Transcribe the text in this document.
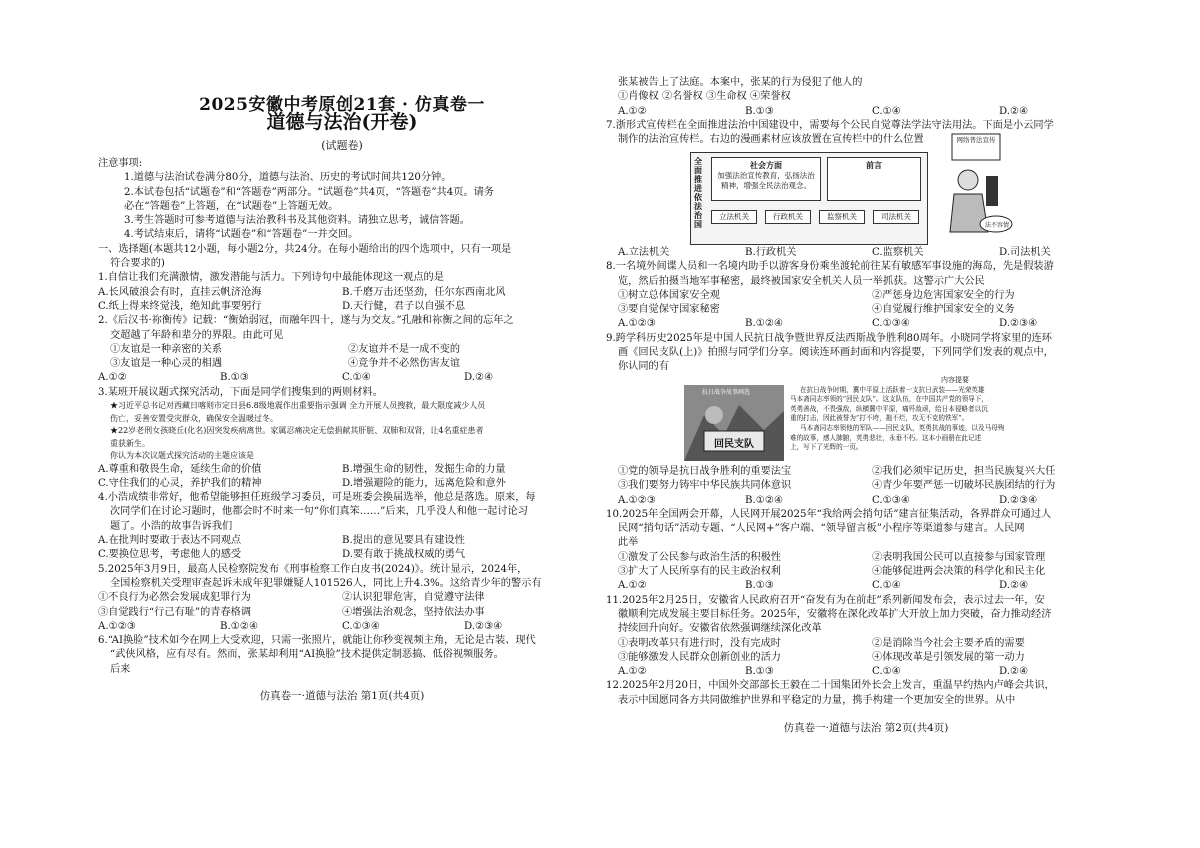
2025安徽中考原创21套 · 仿真卷一
道德与法治(开卷)
(试题卷)

注意事项:

1.道德与法治试卷满分80分，道德与法治、历史的考试时间共120分钟。

2.本试卷包括“试题卷”和“答题卷”两部分。“试题卷”共4页，“答题卷”共4页。请务

必在“答题卷”上答题，在“试题卷”上答题无效。

3.考生答题时可参考道德与法治教科书及其他资料。请独立思考，诚信答题。

4.考试结束后，请将“试题卷”和“答题卷”一并交回。

一、选择题(本题共12小题，每小题2分，共24分。在每小题给出的四个选项中，只有一项是

符合要求的)

1.自信让我们充满激情，激发潜能与活力。下列诗句中最能体现这一观点的是

A.长风破浪会有时，直挂云帆济沧海	B.千磨万击还坚劲，任尔东西南北风
C.纸上得来终觉浅，绝知此事要躬行	D.天行健，君子以自强不息

2.《后汉书·祢衡传》记载：“衡始弱冠，而融年四十，遂与为交友。”孔融和祢衡之间的忘年之

交超越了年龄和辈分的界限。由此可见

①友谊是一种亲密的关系	②友谊并不是一成不变的
③友谊是一种心灵的相遇	④竞争并不必然伤害友谊
A.①②	B.①③	C.①④	D.②④

3.某班开展议题式探究活动，下面是同学们搜集到的两则材料。

★习近平总书记对西藏日喀则市定日县6.8级地震作出重要指示强调 全力开展人员搜救，最大限度减少人员

伤亡，妥善安置受灾群众，确保安全温暖过冬。

★22岁老刑女孩晓丘(化名)因突发疾病离世。家属忍痛决定无偿捐献其肝脏、双肺和双肾，让4名重症患者

重获新生。

你认为本次议题式探究活动的主题应该是

A.尊重和敬畏生命，延续生命的价值	B.增强生命的韧性，发掘生命的力量
C.守住我们的心灵，养护我们的精神	D.增强避险的能力，远离危险和意外

4.小浩成绩非常好，他希望能够担任班级学习委员，可是班委会换届选举，他总是落选。原来，每

次同学们在讨论习题时，他都会时不时来一句“你们真笨……”后来，几乎没人和他一起讨论习

题了。小浩的故事告诉我们

A.在批判时要敢于表达不同观点	B.提出的意见要具有建设性
C.要换位思考，考虑他人的感受	D.要有敢于挑战权威的勇气

5.2025年3月9日，最高人民检察院发布《刑事检察工作白皮书(2024)》。统计显示，2024年，

全国检察机关受理审查起诉未成年犯罪嫌疑人101526人，同比上升4.3%。这给青少年的警示有

①不良行为必然会发展成犯罪行为	②认识犯罪危害，自觉遵守法律
③自觉践行“行己有耻”的青春格调	④增强法治观念，坚持依法办事
A.①②③	B.①②④	C.①③④	D.②③④

6.“AI换脸”技术如今在网上大受欢迎，只需一张照片，就能让你秒变视频主角，无论是古装、现代

“武侠风格，应有尽有。然而，张某却利用“AI换脸”技术提供定制恶搞、低俗视频服务。

后来

仿真卷一·道德与法治 第1页(共4页)

张某被告上了法庭。本案中，张某的行为侵犯了他人的

①肖像权 ②名誉权 ③生命权 ④荣誉权

A.①②	B.①③	C.①④	D.②④

7.浙形式宣传栏在全面推进法治中国建设中，需要每个公民自觉尊法学法守法用法。下面是小云同学

制作的法治宣传栏。右边的漫画素材应该放置在宣传栏中的什么位置

全面推进依法治国
社会方面
加强法治宣传教育，弘扬法治精神，增强全民法治观念。
前言
立法机关	行政机关	监察机关	司法机关
网络普法宣传
法不容情
A.立法机关	B.行政机关	C.监察机关	D.司法机关

8.一名境外间谍人员和一名境内助手以游客身份乘坐渡轮前往某有敏感军事设施的海岛，先是假装游

览，然后拍摄当地军事秘密，最终被国家安全机关人员一举抓获。这警示广大公民

①树立总体国家安全观	②严惩身边危害国家安全的行为
③要自觉保守国家秘密	④自觉履行维护国家安全的义务
A.①②③	B.①②④	C.①③④	D.②③④

9.跨学科历史2025年是中国人民抗日战争暨世界反法西斯战争胜利80周年。小晓同学将家里的连环

画《回民支队(上)》拍照与同学们分享。阅读连环画封面和内容提要，下列同学们发表的观点中，

你认同的有

抗日战争故事画选
回民支队
内容提要
在抗日战争时期，冀中平原上活跃着一支抗日武装——光荣英雄
马本斋同志率领的“回民支队”。这支队伍，在中国共产党的领导下，
英勇善战，不畏强敌，纵横冀中平原，痛歼敌顽，给日本侵略者以沉
重的打击，因此被誉为“打不垮，拖不烂，攻无不克的铁军”。
马本斋同志率领他的军队——回民支队，英勇抗战的事迹，以及马母殉
难的故事，感人肺腑，英勇悲壮，永垂不朽。这本小画册在此记述
上，写下了光辉的一页。
①党的领导是抗日战争胜利的重要法宝	②我们必须牢记历史，担当民族复兴大任
③我们要努力铸牢中华民族共同体意识	④青少年要严惩一切破坏民族团结的行为
A.①②③	B.①②④	C.①③④	D.②③④

10.2025年全国两会开幕，人民网开展2025年“我给两会捎句话”建言征集活动，各界群众可通过人

民网“捎句话”活动专题、“人民网+”客户端、“领导留言板”小程序等渠道参与建言。人民网

此举

①激发了公民参与政治生活的积极性	②表明我国公民可以直接参与国家管理
③扩大了人民所享有的民主政治权利	④能够促进两会决策的科学化和民主化
A.①②	B.①③	C.①④	D.②④

11.2025年2月25日，安徽省人民政府召开“奋发有为在前赶”系列新闻发布会，表示过去一年，安

徽顺利完成发展主要目标任务。2025年，安徽将在深化改革扩大开放上加力突破，奋力推动经济

持续回升向好。安徽省依然强调继续深化改革

①表明改革只有进行时，没有完成时	②是消除当今社会主要矛盾的需要
③能够激发人民群众创新创业的活力	④体现改革是引领发展的第一动力
A.①②	B.①③	C.①④	D.②④

12.2025年2月20日，中国外交部部长王毅在二十国集团外长会上发言，重温早约热内卢峰会共识，

表示中国愿同各方共同做维护世界和平稳定的力量，携手构建一个更加安全的世界。从中

仿真卷一·道德与法治 第2页(共4页)
